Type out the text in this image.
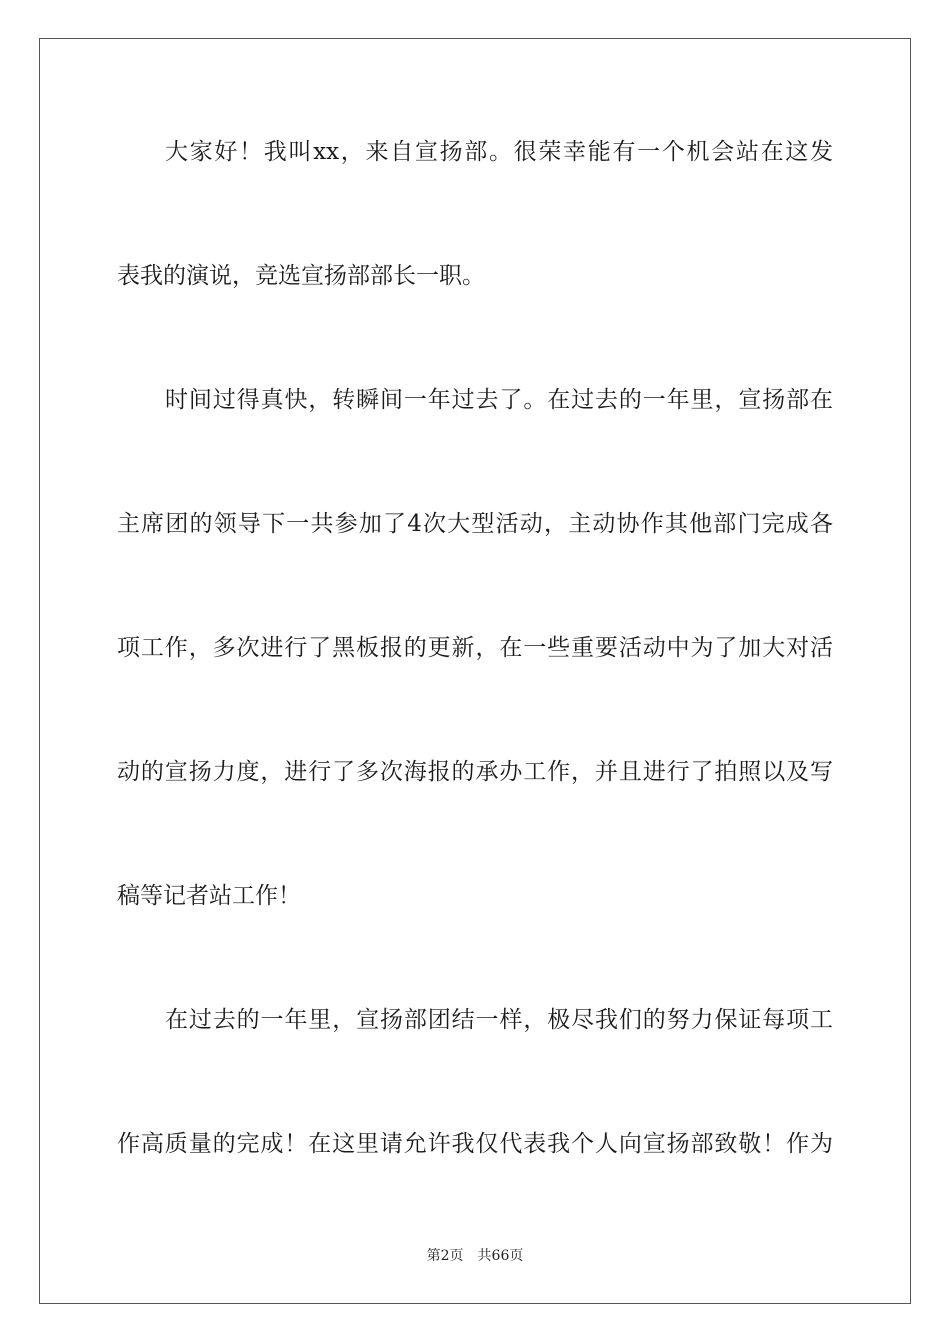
大家好！我叫xx，来自宣扬部。很荣幸能有一个机会站在这发
表我的演说，竞选宣扬部部长一职。
时间过得真快，转瞬间一年过去了。在过去的一年里，宣扬部在
主席团的领导下一共参加了4次大型活动，主动协作其他部门完成各
项工作，多次进行了黑板报的更新，在一些重要活动中为了加大对活
动的宣扬力度，进行了多次海报的承办工作，并且进行了拍照以及写
稿等记者站工作！
在过去的一年里，宣扬部团结一样，极尽我们的努力保证每项工
作高质量的完成！在这里请允许我仅代表我个人向宣扬部致敬！作为
第2页 共66页
